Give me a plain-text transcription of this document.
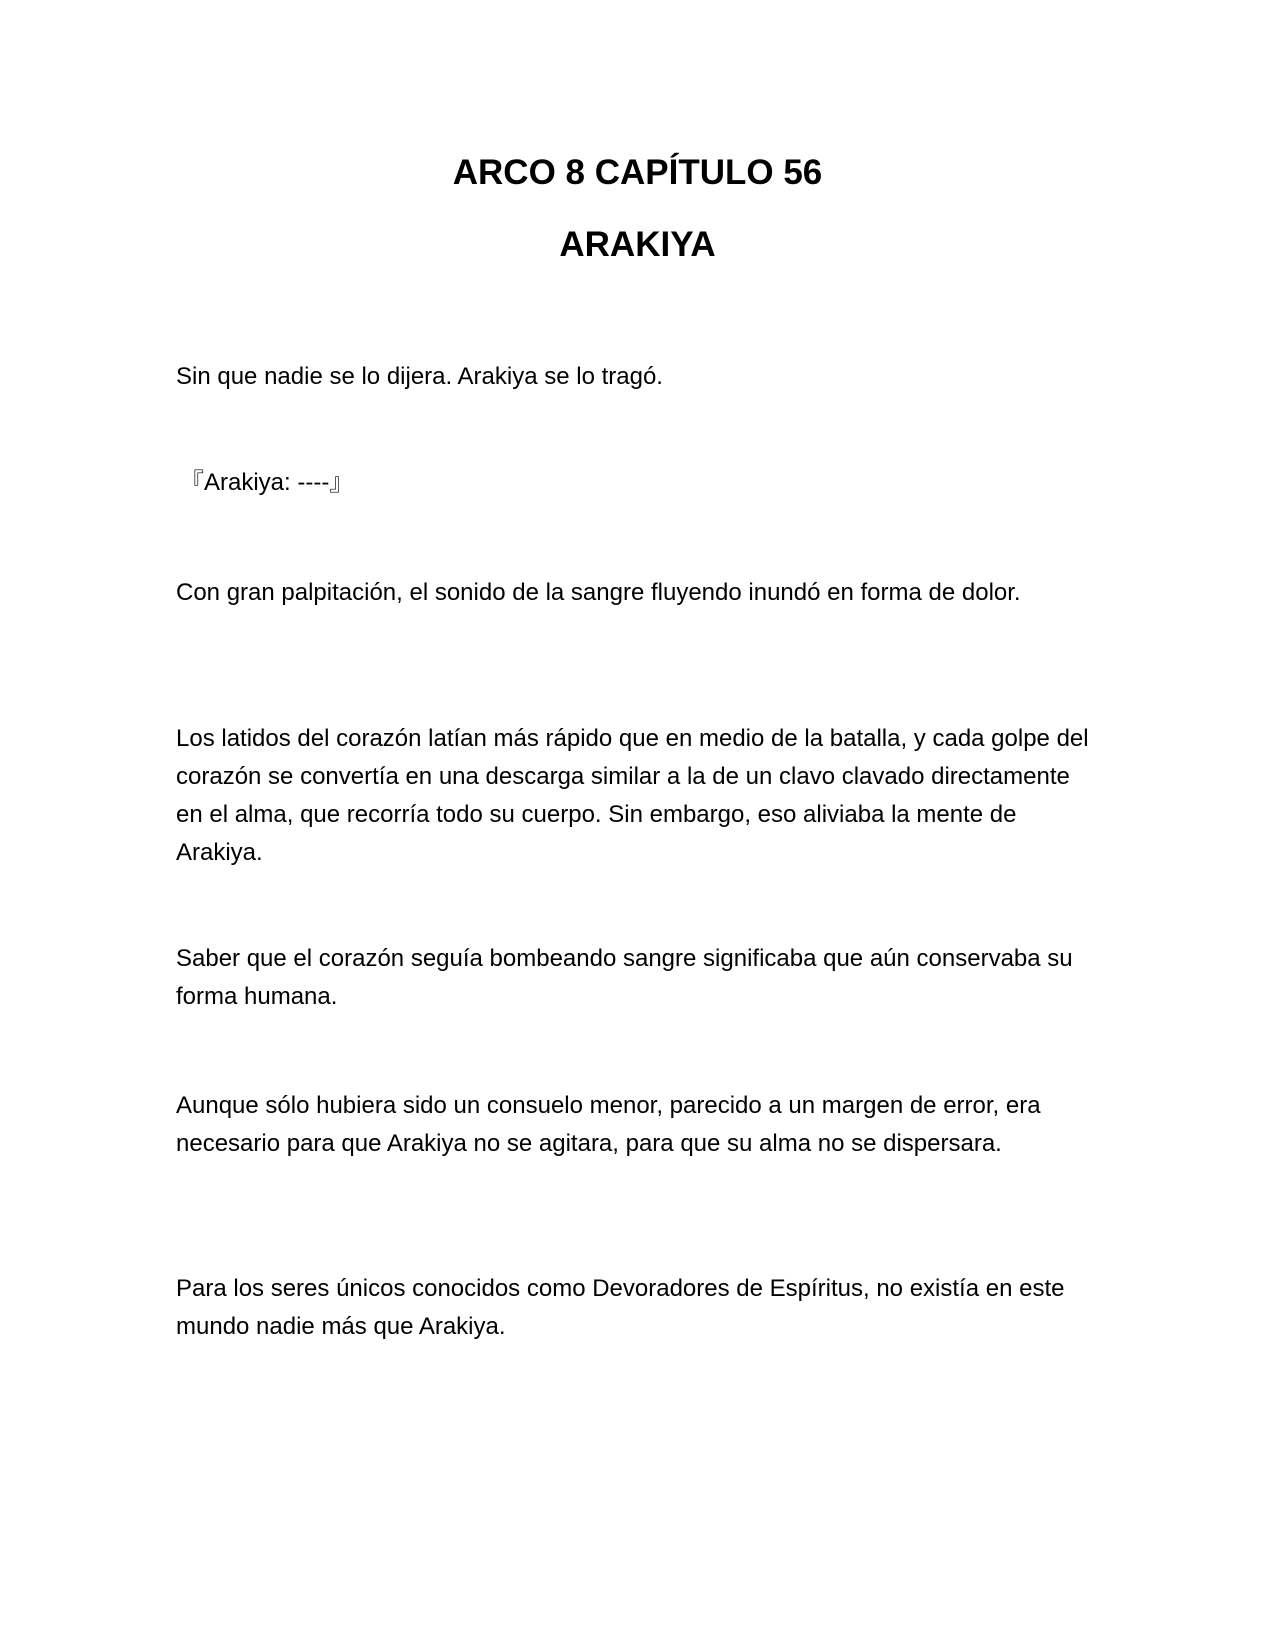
ARCO 8 CAPÍTULO 56
ARAKIYA

Sin que nadie se lo dijera. Arakiya se lo tragó.

『Arakiya: ----』

Con gran palpitación, el sonido de la sangre fluyendo inundó en forma de dolor.

Los latidos del corazón latían más rápido que en medio de la batalla, y cada golpe del corazón se convertía en una descarga similar a la de un clavo clavado directamente en el alma, que recorría todo su cuerpo. Sin embargo, eso aliviaba la mente de Arakiya.

Saber que el corazón seguía bombeando sangre significaba que aún conservaba su forma humana.

Aunque sólo hubiera sido un consuelo menor, parecido a un margen de error, era necesario para que Arakiya no se agitara, para que su alma no se dispersara.

Para los seres únicos conocidos como Devoradores de Espíritus, no existía en este mundo nadie más que Arakiya.
